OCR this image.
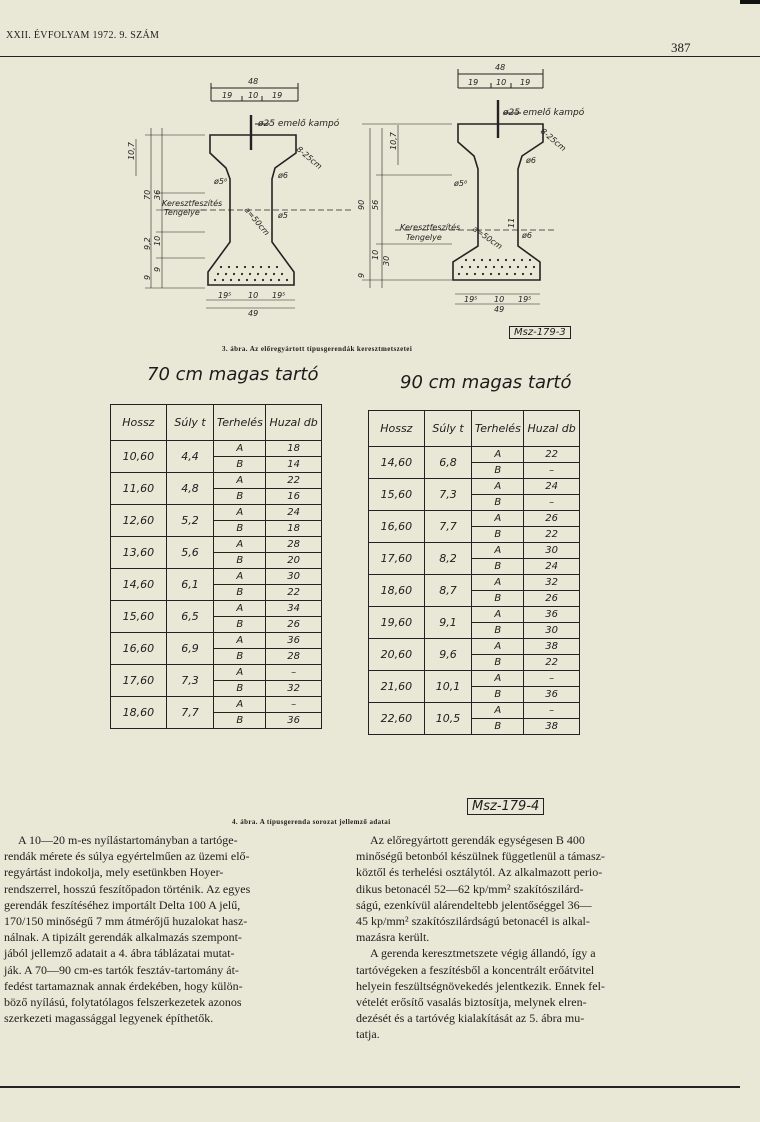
XXII. ÉVFOLYAM 1972. 9. SZÁM
387
48
19 10 19
ø25 emelő kampó
8-25cm
ø5⁶
ø6
Keresztfeszítés
Tengelye	a=50cm ø5
70 36
10,7
10
9
9,2
9
19⁵ 10 19⁵
49
48
19 10 19
ø25 emelő kampó
8-25cm
ø6
ø5⁶
Keresztfeszítés
Tengelye	a=50cm ø6
90 56
10,7
10
30
9
11
19⁵ 10 19⁵
49
Msz-179-3
3. ábra. Az előregyártott típusgerendák keresztmetszetei
70 cm magas tartó	90 cm magas tartó
Hossz	Súly t	Terhelés	Huzal db
10,60	4,4	A	18
		B	14
11,60	4,8	A	22
		B	16
12,60	5,2	A	24
		B	18
13,60	5,6	A	28
		B	20
14,60	6,1	A	30
		B	22
15,60	6,5	A	34
		B	26
16,60	6,9	A	36
		B	28
17,60	7,3	A	–
		B	32
18,60	7,7	A	–
		B	36
Hossz	Súly t	Terhelés	Huzal db
14,60	6,8	A	22
		B	–
15,60	7,3	A	24
		B	–
16,60	7,7	A	26
		B	22
17,60	8,2	A	30
		B	24
18,60	8,7	A	32
		B	26
19,60	9,1	A	36
		B	30
20,60	9,6	A	38
		B	22
21,60	10,1	A	–
		B	36
22,60	10,5	A	–
		B	38
Msz-179-4
4. ábra. A típusgerenda sorozat jellemző adatai

A 10—20 m-es nyílástartományban a tartóge-
rendák mérete és súlya egyértelműen az üzemi elő-
regyártást indokolja, mely esetünkben Hoyer-
rendszerrel, hosszú feszítőpadon történik. Az egyes
gerendák feszítéséhez importált Delta 100 A jelű,
170/150 minőségű 7 mm átmérőjű huzalokat hasz-
nálnak. A tipizált gerendák alkalmazás szempont-
jából jellemző adatait a 4. ábra táblázatai mutat-
ják. A 70—90 cm-es tartók fesztáv-tartomány át-
fedést tartamaznak annak érdekében, hogy külön-
böző nyílású, folytatólagos felszerkezetek azonos
szerkezeti magassággal legyenek építhetők.

Az előregyártott gerendák egységesen B 400
minőségű betonból készülnek függetlenül a támasz-
köztől és terhelési osztálytól. Az alkalmazott perio-
dikus betonacél 52—62 kp/mm² szakítószilárd-
ságú, ezenkívül alárendeltebb jelentőséggel 36—
45 kp/mm² szakítószilárdságú betonacél is alkal-
mazásra került.

A gerenda keresztmetszete végig állandó, így a
tartóvégeken a feszítésből a koncentrált erőátvitel
helyein feszültségnövekedés jelentkezik. Ennek fel-
vételét erősítő vasalás biztosítja, melynek elren-
dezését és a tartóvég kialakítását az 5. ábra mu-
tatja.
